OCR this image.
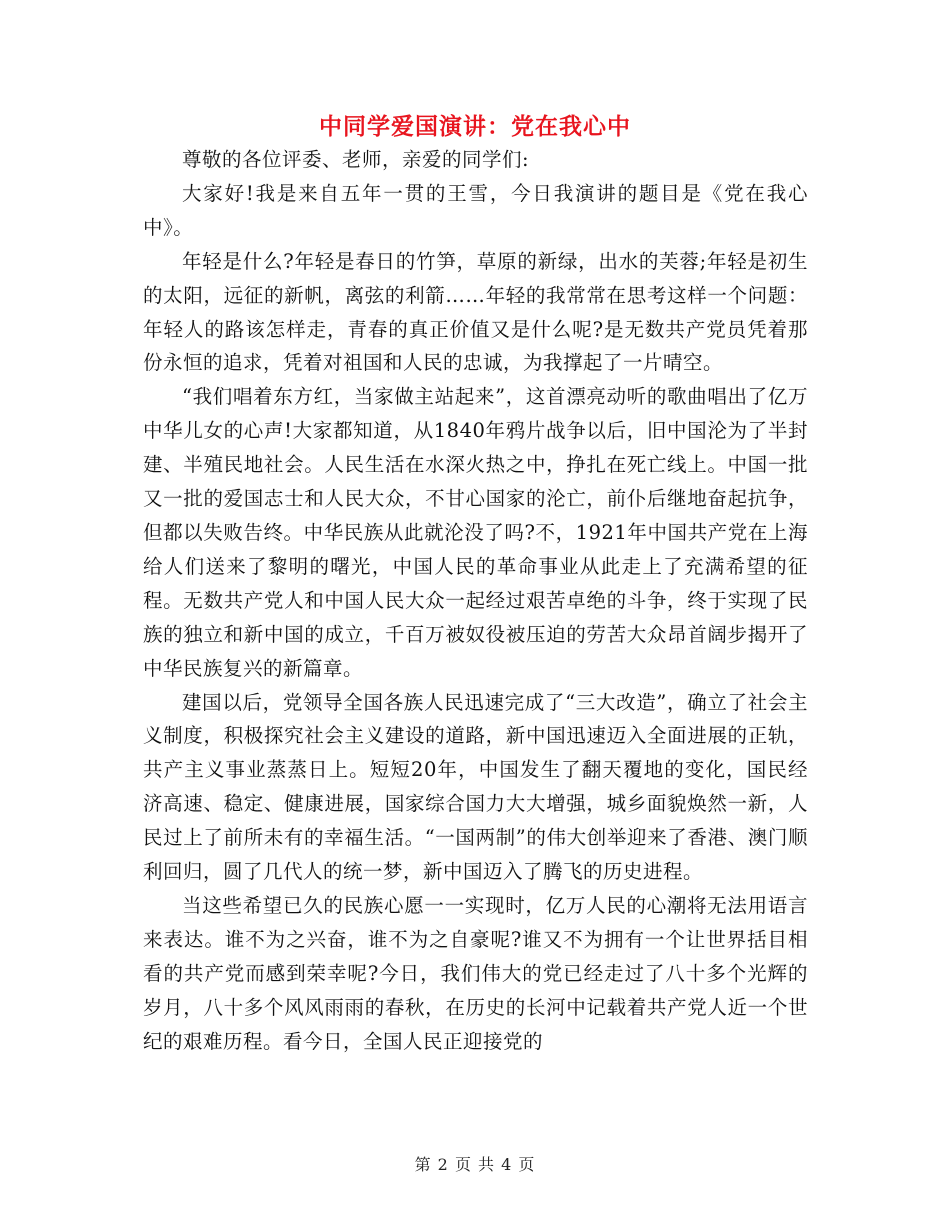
中同学爱国演讲：党在我心中

尊敬的各位评委、老师，亲爱的同学们:

大家好!我是来自五年一贯的王雪，今日我演讲的题目是《党在我心中》。

年轻是什么?年轻是春日的竹笋，草原的新绿，出水的芙蓉;年轻是初生的太阳，远征的新帆，离弦的利箭……年轻的我常常在思考这样一个问题：年轻人的路该怎样走，青春的真正价值又是什么呢?是无数共产党员凭着那份永恒的追求，凭着对祖国和人民的忠诚，为我撑起了一片晴空。

“我们唱着东方红，当家做主站起来”，这首漂亮动听的歌曲唱出了亿万中华儿女的心声!大家都知道，从1840年鸦片战争以后，旧中国沦为了半封建、半殖民地社会。人民生活在水深火热之中，挣扎在死亡线上。中国一批又一批的爱国志士和人民大众，不甘心国家的沦亡，前仆后继地奋起抗争，但都以失败告终。中华民族从此就沦没了吗?不，1921年中国共产党在上海给人们送来了黎明的曙光，中国人民的革命事业从此走上了充满希望的征程。无数共产党人和中国人民大众一起经过艰苦卓绝的斗争，终于实现了民族的独立和新中国的成立，千百万被奴役被压迫的劳苦大众昂首阔步揭开了中华民族复兴的新篇章。

建国以后，党领导全国各族人民迅速完成了“三大改造”，确立了社会主义制度，积极探究社会主义建设的道路，新中国迅速迈入全面进展的正轨，共产主义事业蒸蒸日上。短短20年，中国发生了翻天覆地的变化，国民经济高速、稳定、健康进展，国家综合国力大大增强，城乡面貌焕然一新，人民过上了前所未有的幸福生活。“一国两制”的伟大创举迎来了香港、澳门顺利回归，圆了几代人的统一梦，新中国迈入了腾飞的历史进程。

当这些希望已久的民族心愿一一实现时，亿万人民的心潮将无法用语言来表达。谁不为之兴奋，谁不为之自豪呢?谁又不为拥有一个让世界括目相看的共产党而感到荣幸呢?今日，我们伟大的党已经走过了八十多个光辉的岁月，八十多个风风雨雨的春秋，在历史的长河中记载着共产党人近一个世纪的艰难历程。看今日，全国人民正迎接党的

第 2 页 共 4 页
